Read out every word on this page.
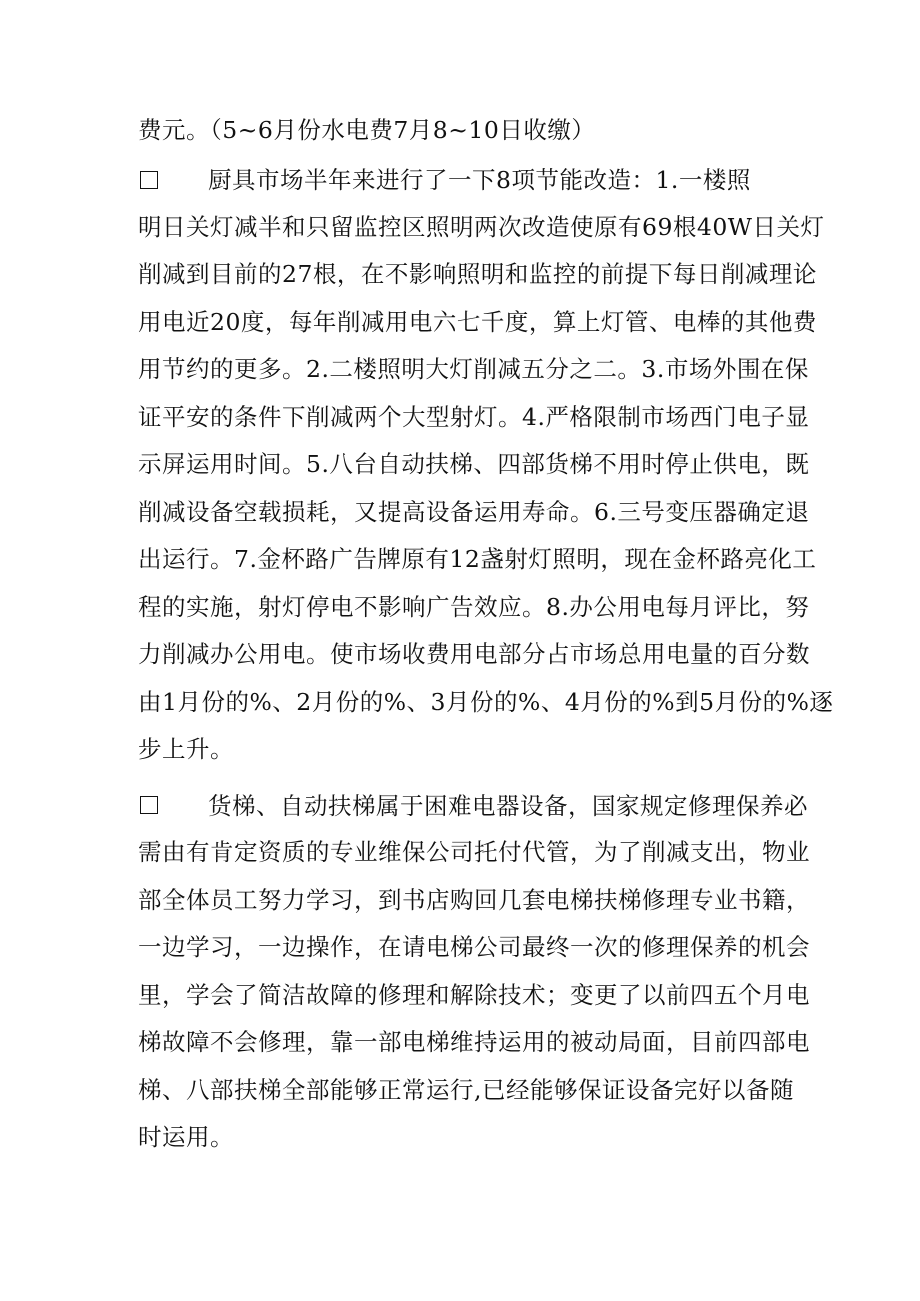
费元。（5~6月份水电费7月8~10日收缴）
厨具市场半年来进行了一下8项节能改造：1.一楼照
明日关灯减半和只留监控区照明两次改造使原有69根40W日关灯
削减到目前的27根，在不影响照明和监控的前提下每日削减理论
用电近20度，每年削减用电六七千度，算上灯管、电棒的其他费
用节约的更多。2.二楼照明大灯削减五分之二。3.市场外围在保
证平安的条件下削减两个大型射灯。4.严格限制市场西门电子显
示屏运用时间。5.八台自动扶梯、四部货梯不用时停止供电，既
削减设备空载损耗，又提高设备运用寿命。6.三号变压器确定退
出运行。7.金杯路广告牌原有12盏射灯照明，现在金杯路亮化工
程的实施，射灯停电不影响广告效应。8.办公用电每月评比，努
力削减办公用电。使市场收费用电部分占市场总用电量的百分数
由1月份的%、2月份的%、3月份的%、4月份的%到5月份的%逐
步上升。
货梯、自动扶梯属于困难电器设备，国家规定修理保养必
需由有肯定资质的专业维保公司托付代管，为了削减支出，物业
部全体员工努力学习，到书店购回几套电梯扶梯修理专业书籍，
一边学习，一边操作，在请电梯公司最终一次的修理保养的机会
里，学会了简洁故障的修理和解除技术；变更了以前四五个月电
梯故障不会修理，靠一部电梯维持运用的被动局面，目前四部电
梯、八部扶梯全部能够正常运行,已经能够保证设备完好以备随
时运用。
